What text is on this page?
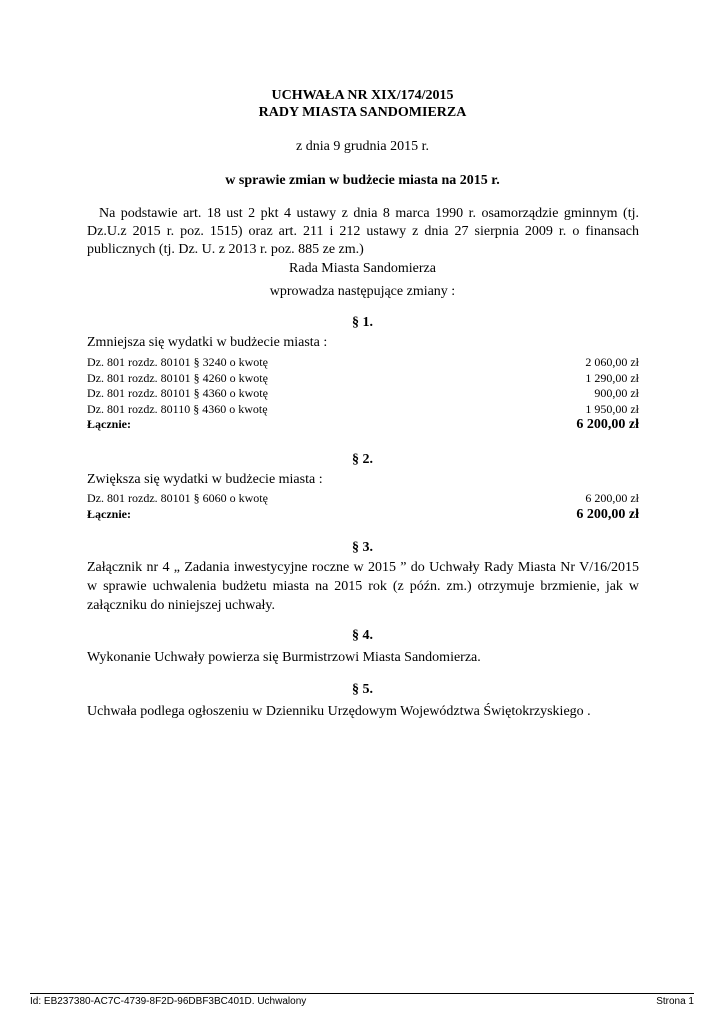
UCHWAŁA NR XIX/174/2015
RADY MIASTA SANDOMIERZA
z dnia 9 grudnia 2015 r.
w sprawie zmian w budżecie miasta na 2015 r.
Na podstawie art. 18 ust 2 pkt 4 ustawy z dnia 8 marca 1990 r. osamorządzie gminnym (tj. Dz.U.z 2015 r. poz. 1515) oraz art. 211 i 212 ustawy z dnia 27 sierpnia 2009 r. o finansach publicznych (tj. Dz. U. z 2013 r. poz. 885 ze zm.)
Rada Miasta Sandomierza
wprowadza następujące zmiany :
§ 1.
Zmniejsza się wydatki w budżecie miasta :
Dz. 801 rozdz. 80101 § 3240 o kwotę	2 060,00 zł
Dz. 801 rozdz. 80101 § 4260 o kwotę	1 290,00 zł
Dz. 801 rozdz. 80101 § 4360 o kwotę	900,00 zł
Dz. 801 rozdz. 80110 § 4360 o kwotę	1 950,00 zł
Łącznie:	6 200,00 zł
§ 2.
Zwiększa się wydatki w budżecie miasta :
Dz. 801 rozdz. 80101 § 6060 o kwotę	6 200,00 zł
Łącznie:	6 200,00 zł
§ 3.
Załącznik nr 4 „ Zadania inwestycyjne roczne w 2015 ” do Uchwały Rady Miasta Nr V/16/2015 w sprawie uchwalenia budżetu miasta na 2015 rok (z późn. zm.) otrzymuje brzmienie, jak w załączniku do niniejszej uchwały.
§ 4.
Wykonanie Uchwały powierza się Burmistrzowi Miasta Sandomierza.
§ 5.
Uchwała podlega ogłoszeniu w Dzienniku Urzędowym Województwa Świętokrzyskiego .
Id: EB237380-AC7C-4739-8F2D-96DBF3BC401D. Uchwalony	Strona 1
